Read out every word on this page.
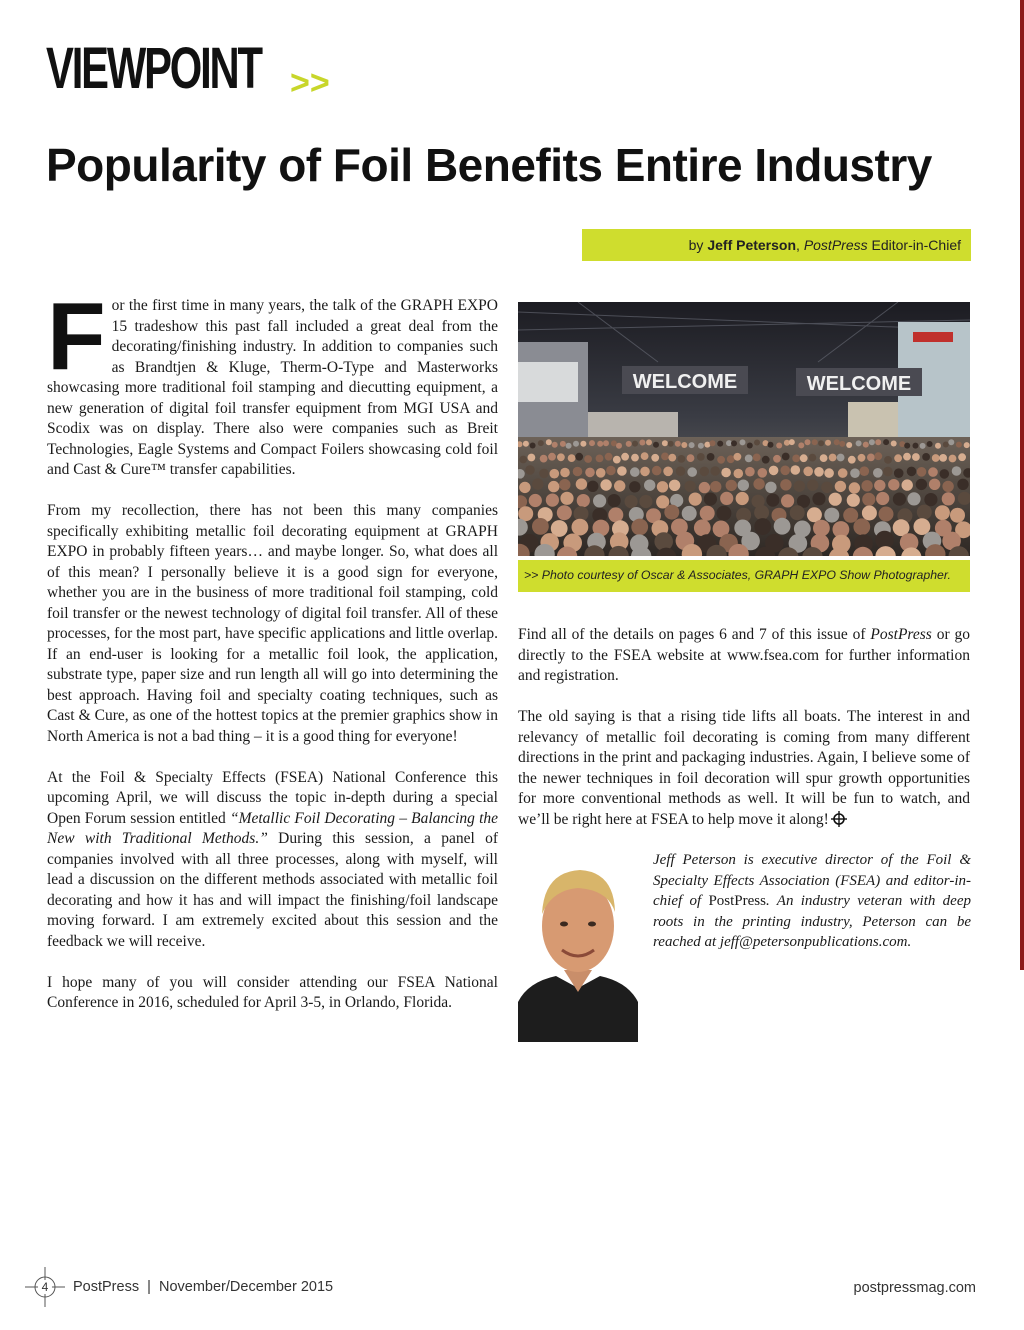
VIEWPOINT >>
Popularity of Foil Benefits Entire Industry
by Jeff Peterson, PostPress Editor-in-Chief

For the first time in many years, the talk of the GRAPH EXPO 15 tradeshow this past fall included a great deal from the decorating/finishing industry. In addition to companies such as Brandtjen & Kluge, Therm-O-Type and Masterworks showcasing more traditional foil stamping and diecutting equipment, a new generation of digital foil transfer equipment from MGI USA and Scodix was on display. There also were companies such as Breit Technologies, Eagle Systems and Compact Foilers showcasing cold foil and Cast & Cure™ transfer capabilities.

From my recollection, there has not been this many companies specifically exhibiting metallic foil decorating equipment at GRAPH EXPO in probably fifteen years… and maybe longer. So, what does all of this mean? I personally believe it is a good sign for everyone, whether you are in the business of more traditional foil stamping, cold foil transfer or the newest technology of digital foil transfer. All of these processes, for the most part, have specific applications and little overlap. If an end-user is looking for a metallic foil look, the application, substrate type, paper size and run length all will go into determining the best approach. Having foil and specialty coating techniques, such as Cast & Cure, as one of the hottest topics at the premier graphics show in North America is not a bad thing – it is a good thing for everyone!

At the Foil & Specialty Effects (FSEA) National Conference this upcoming April, we will discuss the topic in-depth during a special Open Forum session entitled “Metallic Foil Decorating – Balancing the New with Traditional Methods.” During this session, a panel of companies involved with all three processes, along with myself, will lead a discussion on the different methods associated with metallic foil decorating and how it has and will impact the finishing/foil landscape moving forward. I am extremely excited about this session and the feedback we will receive.

I hope many of you will consider attending our FSEA National Conference in 2016, scheduled for April 3-5, in Orlando, Florida.

WELCOME	WELCOME
>> Photo courtesy of Oscar & Associates, GRAPH EXPO Show Photographer.

Find all of the details on pages 6 and 7 of this issue of PostPress or go directly to the FSEA website at www.fsea.com for further information and registration.

The old saying is that a rising tide lifts all boats. The interest in and relevancy of metallic foil decorating is coming from many different directions in the print and packaging industries. Again, I believe some of the newer techniques in foil decoration will spur growth opportunities for more conventional methods as well. It will be fun to watch, and we’ll be right here at FSEA to help move it along!

Jeff Peterson is executive director of the Foil & Specialty Effects Association (FSEA) and editor-in-chief of PostPress. An industry veteran with deep roots in the printing industry, Peterson can be reached at jeff@petersonpublications.com.
4	PostPress
|
November/December 2015	postpressmag.com
